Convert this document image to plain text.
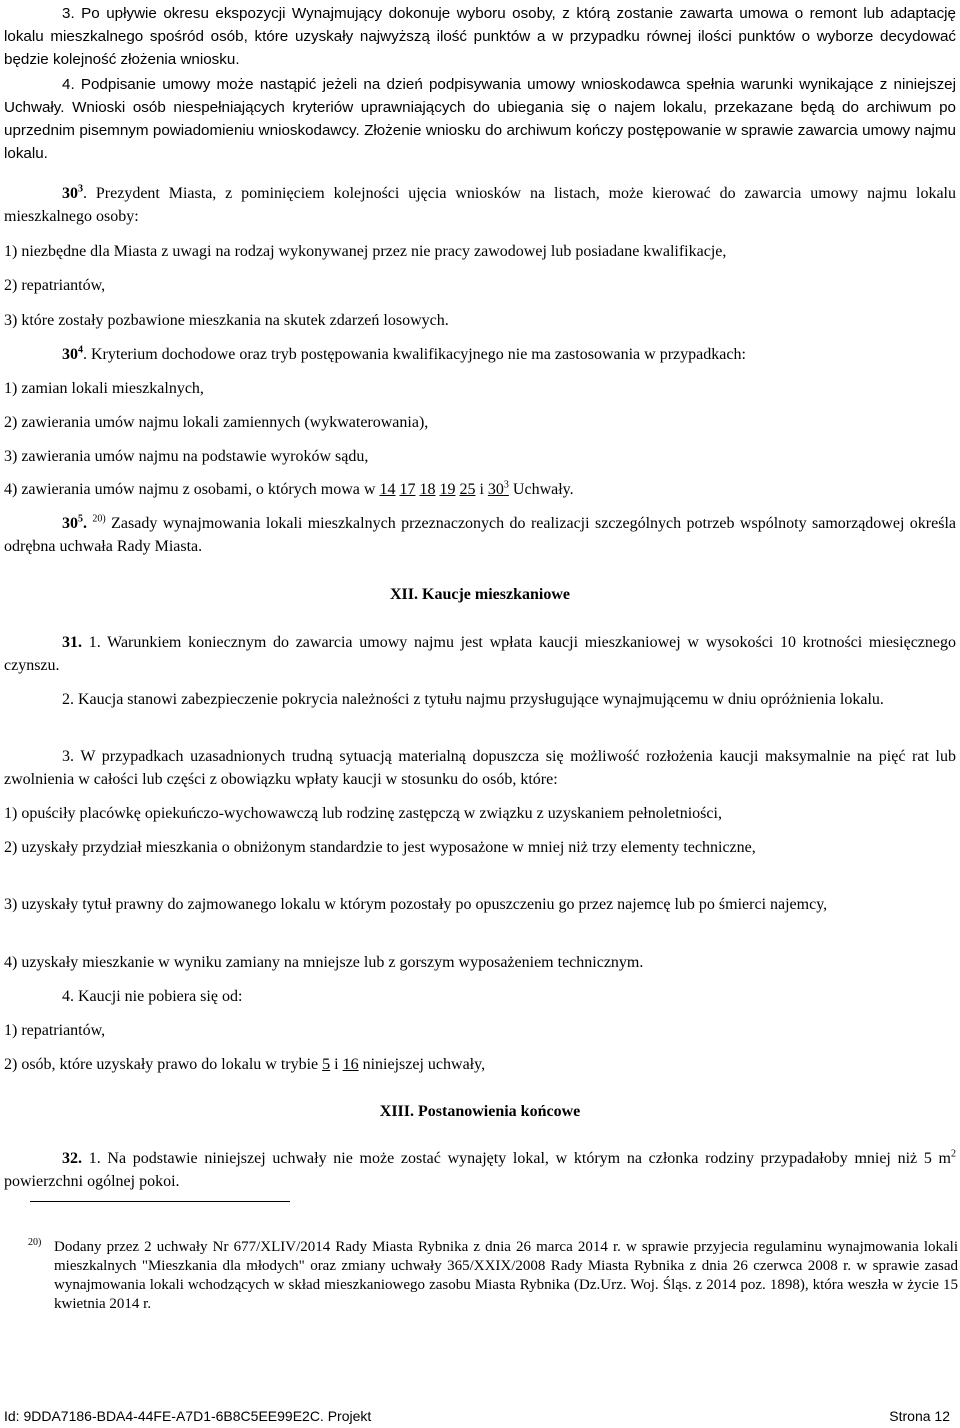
3. Po upływie okresu ekspozycji Wynajmujący dokonuje wyboru osoby, z którą zostanie zawarta umowa o remont lub adaptację lokalu mieszkalnego spośród osób, które uzyskały najwyższą ilość punktów a w przypadku równej ilości punktów o wyborze decydować będzie kolejność złożenia wniosku.

4. Podpisanie umowy może nastąpić jeżeli na dzień podpisywania umowy wnioskodawca spełnia warunki wynikające z niniejszej Uchwały. Wnioski osób niespełniających kryteriów uprawniających do ubiegania się o najem lokalu, przekazane będą do archiwum po uprzednim pisemnym powiadomieniu wnioskodawcy. Złożenie wniosku do archiwum kończy postępowanie w sprawie zawarcia umowy najmu lokalu.

$30^3$. Prezydent Miasta, z pominięciem kolejności ujęcia wniosków na listach, może kierować do zawarcia umowy najmu lokalu mieszkalnego osoby:

1) niezbędne dla Miasta z uwagi na rodzaj wykonywanej przez nie pracy zawodowej lub posiadane kwalifikacje,

2) repatriantów,

3) które zostały pozbawione mieszkania na skutek zdarzeń losowych.

$30^4$. Kryterium dochodowe oraz tryb postępowania kwalifikacyjnego nie ma zastosowania w przypadkach:

1) zamian lokali mieszkalnych,

2) zawierania umów najmu lokali zamiennych (wykwaterowania),

3) zawierania umów najmu na podstawie wyroków sądu,

4) zawierania umów najmu z osobami, o których mowa w 14 17 18 19 25 i $30^3$ Uchwały.

$30^5$. $^{20)}$ Zasady wynajmowania lokali mieszkalnych przeznaczonych do realizacji szczególnych potrzeb wspólnoty samorządowej określa odrębna uchwała Rady Miasta.

XII. Kaucje mieszkaniowe

31. 1. Warunkiem koniecznym do zawarcia umowy najmu jest wpłata kaucji mieszkaniowej w wysokości 10 krotności miesięcznego czynszu.

2. Kaucja stanowi zabezpieczenie pokrycia należności z tytułu najmu przysługujące wynajmującemu w dniu opróżnienia lokalu.

3. W przypadkach uzasadnionych trudną sytuacją materialną dopuszcza się możliwość rozłożenia kaucji maksymalnie na pięć rat lub zwolnienia w całości lub części z obowiązku wpłaty kaucji w stosunku do osób, które:

1) opuściły placówkę opiekuńczo-wychowawczą lub rodzinę zastępczą w związku z uzyskaniem pełnoletniości,

2) uzyskały przydział mieszkania o obniżonym standardzie to jest wyposażone w mniej niż trzy elementy techniczne,

3) uzyskały tytuł prawny do zajmowanego lokalu w którym pozostały po opuszczeniu go przez najemcę lub po śmierci najemcy,

4) uzyskały mieszkanie w wyniku zamiany na mniejsze lub z gorszym wyposażeniem technicznym.

4. Kaucji nie pobiera się od:

1) repatriantów,

2) osób, które uzyskały prawo do lokalu w trybie 5 i 16 niniejszej uchwały,

XIII. Postanowienia końcowe

32. 1. Na podstawie niniejszej uchwały nie może zostać wynajęty lokal, w którym na członka rodziny przypadałoby mniej niż 5 $m^2$ powierzchni ogólnej pokoi.

$^{20)}$ Dodany przez 2 uchwały Nr 677/XLIV/2014 Rady Miasta Rybnika z dnia 26 marca 2014 r. w sprawie przyjecia regulaminu wynajmowania lokali mieszkalnych "Mieszkania dla młodych" oraz zmiany uchwały 365/XXIX/2008 Rady Miasta Rybnika z dnia 26 czerwca 2008 r. w sprawie zasad wynajmowania lokali wchodzących w skład mieszkaniowego zasobu Miasta Rybnika (Dz.Urz. Woj. Śląs. z 2014 poz. 1898), która weszła w życie 15 kwietnia 2014 r.
Id: 9DDA7186-BDA4-44FE-A7D1-6B8C5EE99E2C. Projekt	Strona 12
